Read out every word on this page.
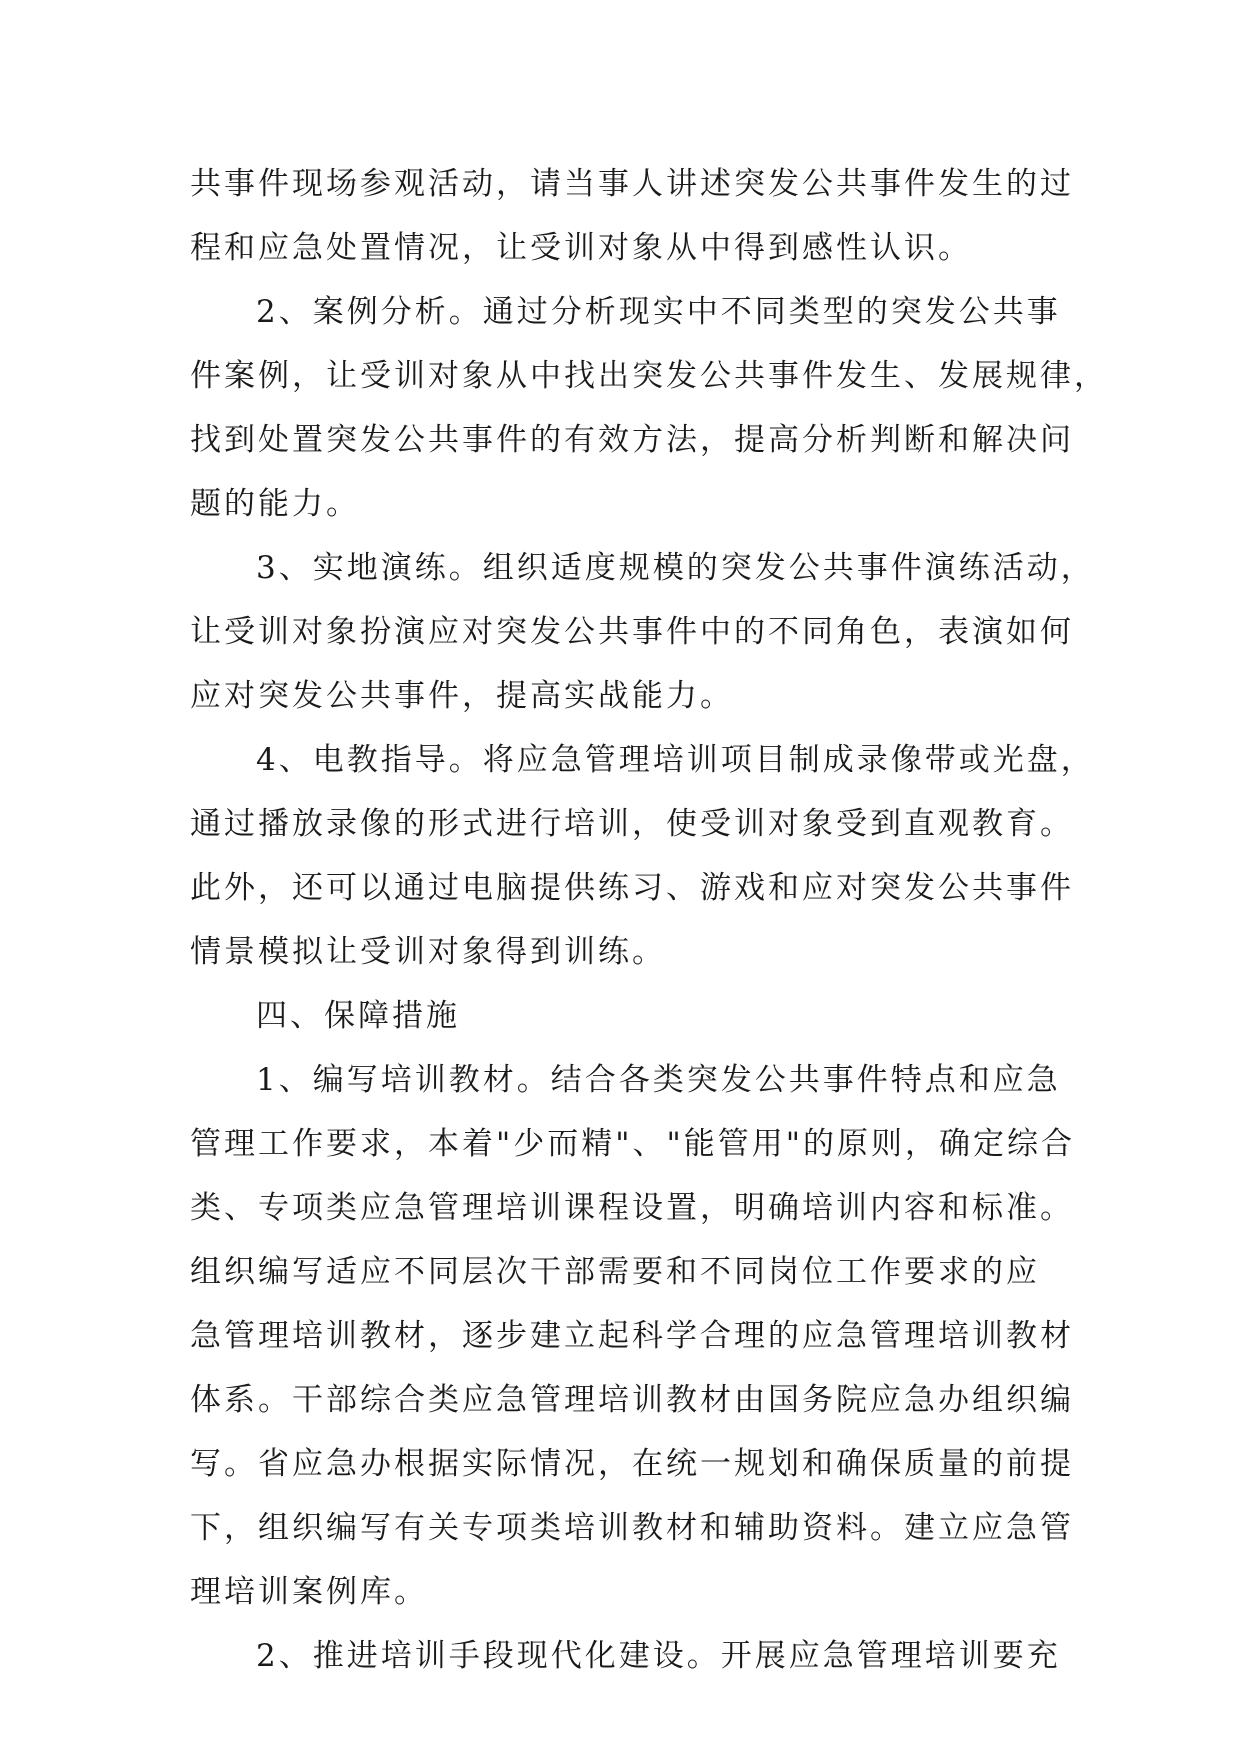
共事件现场参观活动，请当事人讲述突发公共事件发生的过
程和应急处置情况，让受训对象从中得到感性认识。
2、案例分析。通过分析现实中不同类型的突发公共事
件案例，让受训对象从中找出突发公共事件发生、发展规律，
找到处置突发公共事件的有效方法，提高分析判断和解决问
题的能力。
3、实地演练。组织适度规模的突发公共事件演练活动，
让受训对象扮演应对突发公共事件中的不同角色，表演如何
应对突发公共事件，提高实战能力。
4、电教指导。将应急管理培训项目制成录像带或光盘，
通过播放录像的形式进行培训，使受训对象受到直观教育。
此外，还可以通过电脑提供练习、游戏和应对突发公共事件
情景模拟让受训对象得到训练。
四、保障措施
1、编写培训教材。结合各类突发公共事件特点和应急
管理工作要求，本着"少而精"、"能管用"的原则，确定综合
类、专项类应急管理培训课程设置，明确培训内容和标准。
组织编写适应不同层次干部需要和不同岗位工作要求的应
急管理培训教材，逐步建立起科学合理的应急管理培训教材
体系。干部综合类应急管理培训教材由国务院应急办组织编
写。省应急办根据实际情况，在统一规划和确保质量的前提
下，组织编写有关专项类培训教材和辅助资料。建立应急管
理培训案例库。
2、推进培训手段现代化建设。开展应急管理培训要充
